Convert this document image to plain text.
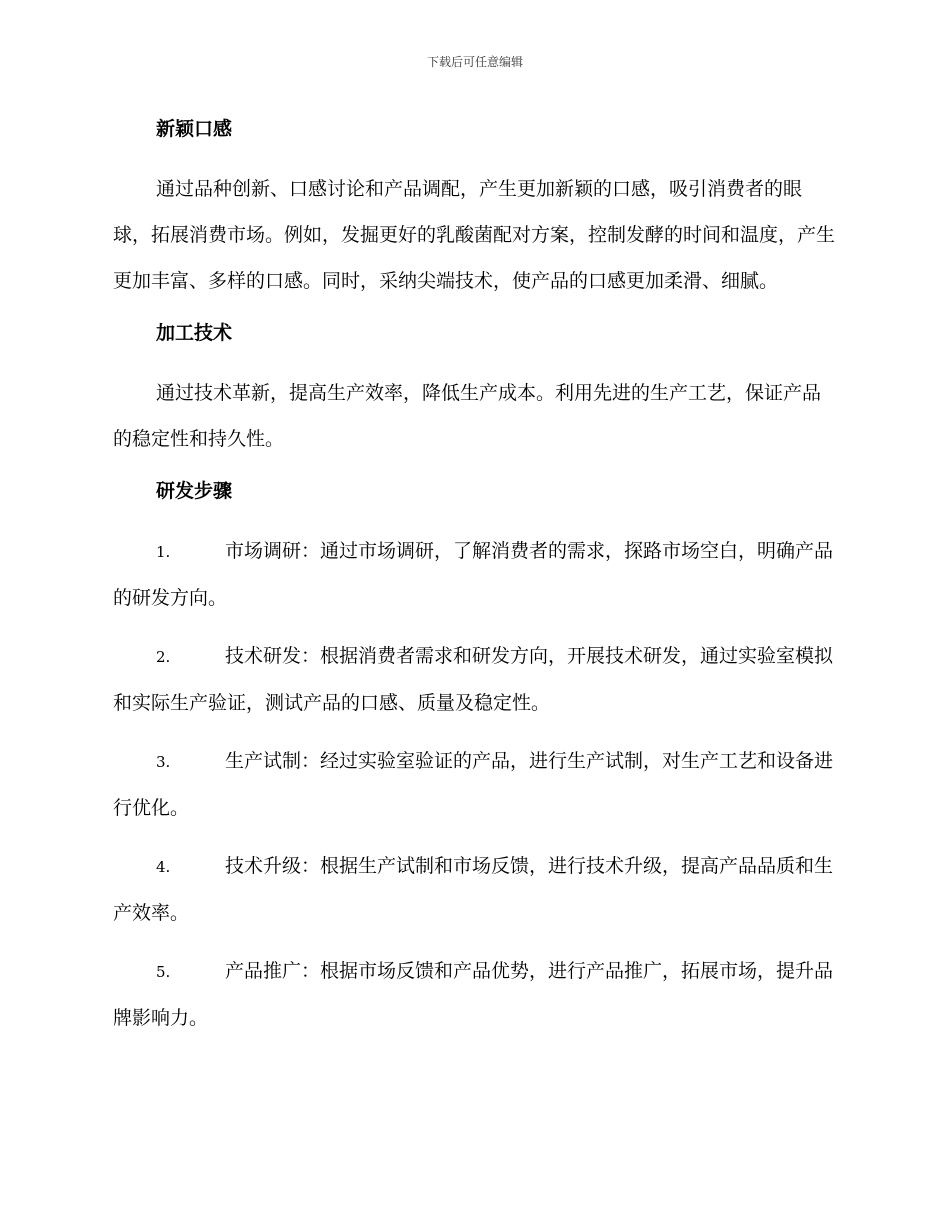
下载后可任意编辑
新颖口感

通过品种创新、口感讨论和产品调配，产生更加新颖的口感，吸引消费者的眼球，拓展消费市场。例如，发掘更好的乳酸菌配对方案，控制发酵的时间和温度，产生更加丰富、多样的口感。同时，采纳尖端技术，使产品的口感更加柔滑、细腻。

加工技术

通过技术革新，提高生产效率，降低生产成本。利用先进的生产工艺，保证产品的稳定性和持久性。

研发步骤
1.	市场调研：通过市场调研，了解消费者的需求，探路市场空白，明确产品的研发方向。
2.	技术研发：根据消费者需求和研发方向，开展技术研发，通过实验室模拟和实际生产验证，测试产品的口感、质量及稳定性。
3.	生产试制：经过实验室验证的产品，进行生产试制，对生产工艺和设备进行优化。
4.	技术升级：根据生产试制和市场反馈，进行技术升级，提高产品品质和生产效率。
5.	产品推广：根据市场反馈和产品优势，进行产品推广，拓展市场，提升品牌影响力。
